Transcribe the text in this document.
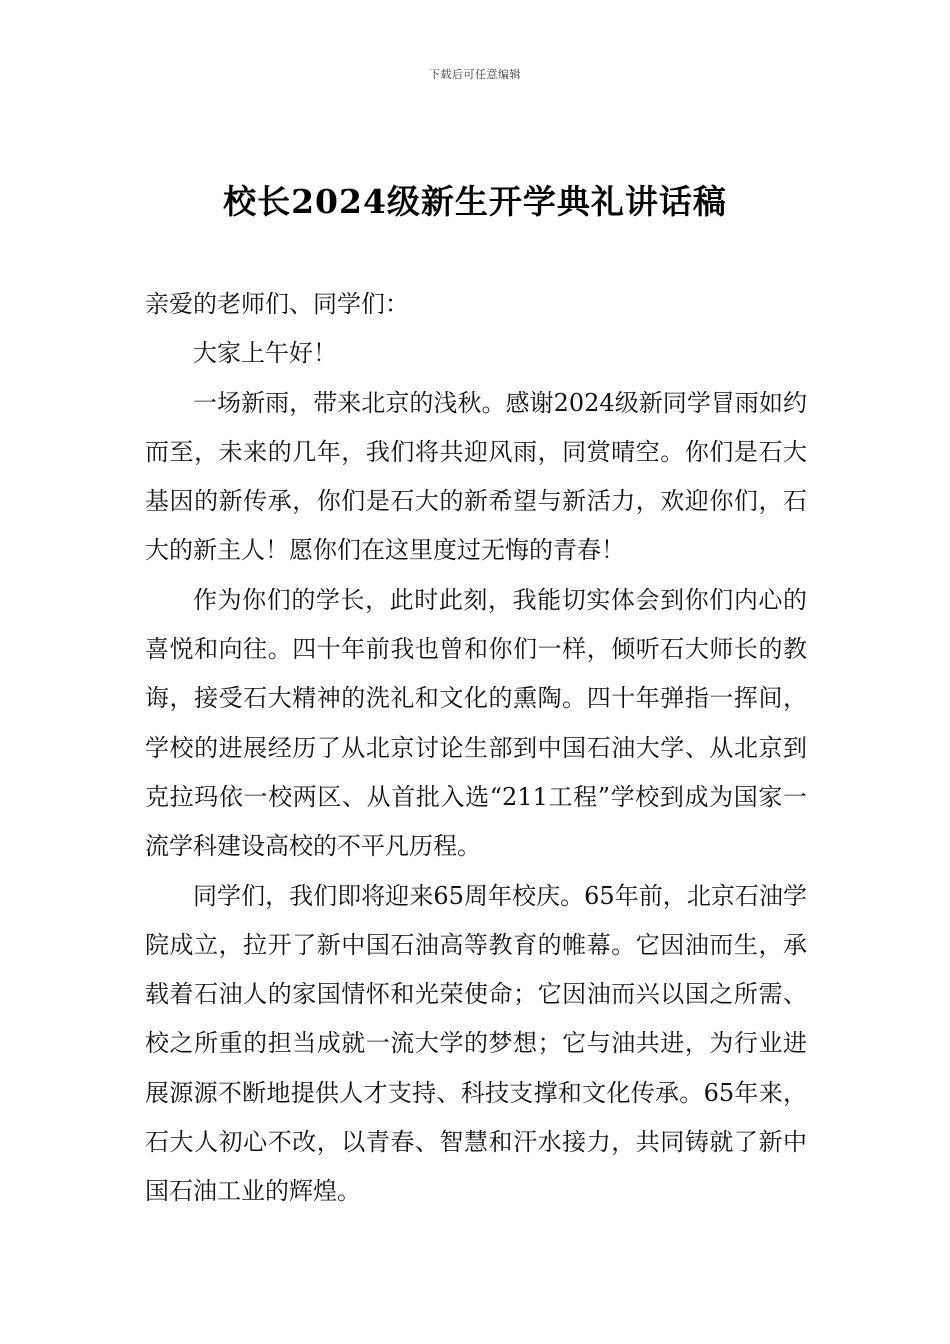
下载后可任意编辑
校长2024级新生开学典礼讲话稿

亲爱的老师们、同学们：

大家上午好！

一场新雨，带来北京的浅秋。感谢2024级新同学冒雨如约而至，未来的几年，我们将共迎风雨，同赏晴空。你们是石大基因的新传承，你们是石大的新希望与新活力，欢迎你们，石大的新主人！愿你们在这里度过无悔的青春！

作为你们的学长，此时此刻，我能切实体会到你们内心的喜悦和向往。四十年前我也曾和你们一样，倾听石大师长的教诲，接受石大精神的洗礼和文化的熏陶。四十年弹指一挥间，学校的进展经历了从北京讨论生部到中国石油大学、从北京到克拉玛依一校两区、从首批入选“211工程”学校到成为国家一流学科建设高校的不平凡历程。

同学们，我们即将迎来65周年校庆。65年前，北京石油学院成立，拉开了新中国石油高等教育的帷幕。它因油而生，承载着石油人的家国情怀和光荣使命；它因油而兴以国之所需、校之所重的担当成就一流大学的梦想；它与油共进，为行业进展源源不断地提供人才支持、科技支撑和文化传承。65年来，石大人初心不改，以青春、智慧和汗水接力，共同铸就了新中国石油工业的辉煌。
